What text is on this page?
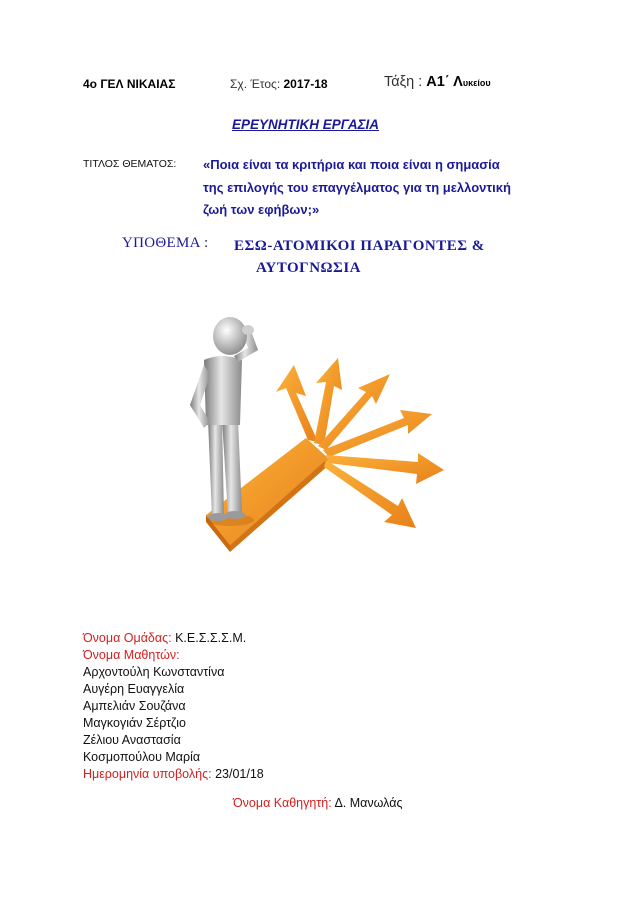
4ο ΓΕΛ ΝΙΚΑΙΑΣ	Σχ. Έτος: 2017-18	Τάξη : Α1΄ Λυκείου
ΕΡΕΥΝΗΤΙΚΗ ΕΡΓΑΣΙΑ
ΤΙΤΛΟΣ ΘΕΜΑΤΟΣ: «Ποια είναι τα κριτήρια και ποια είναι η σημασία
της επιλογής του επαγγέλματος για τη μελλοντική
ζωή των εφήβων;»
ΥΠΟΘΕΜΑ : ΕΣΩ-ΑΤΟΜΙΚΟΙ ΠΑΡΑΓΟΝΤΕΣ &
ΑΥΤΟΓΝΩΣΙΑ
Όνομα Ομάδας: Κ.Ε.Σ.Σ.Σ.Μ.
Όνομα Μαθητών:
Αρχοντούλη Κωνσταντίνα
Αυγέρη Ευαγγελία
Αμπελιάν Σουζάνα
Μαγκογιάν Σέρτζιο
Ζέλιου Αναστασία
Κοσμοπούλου Μαρία
Ημερομηνία υποβολής: 23/01/18
Όνομα Καθηγητή: Δ. Μανωλάς
